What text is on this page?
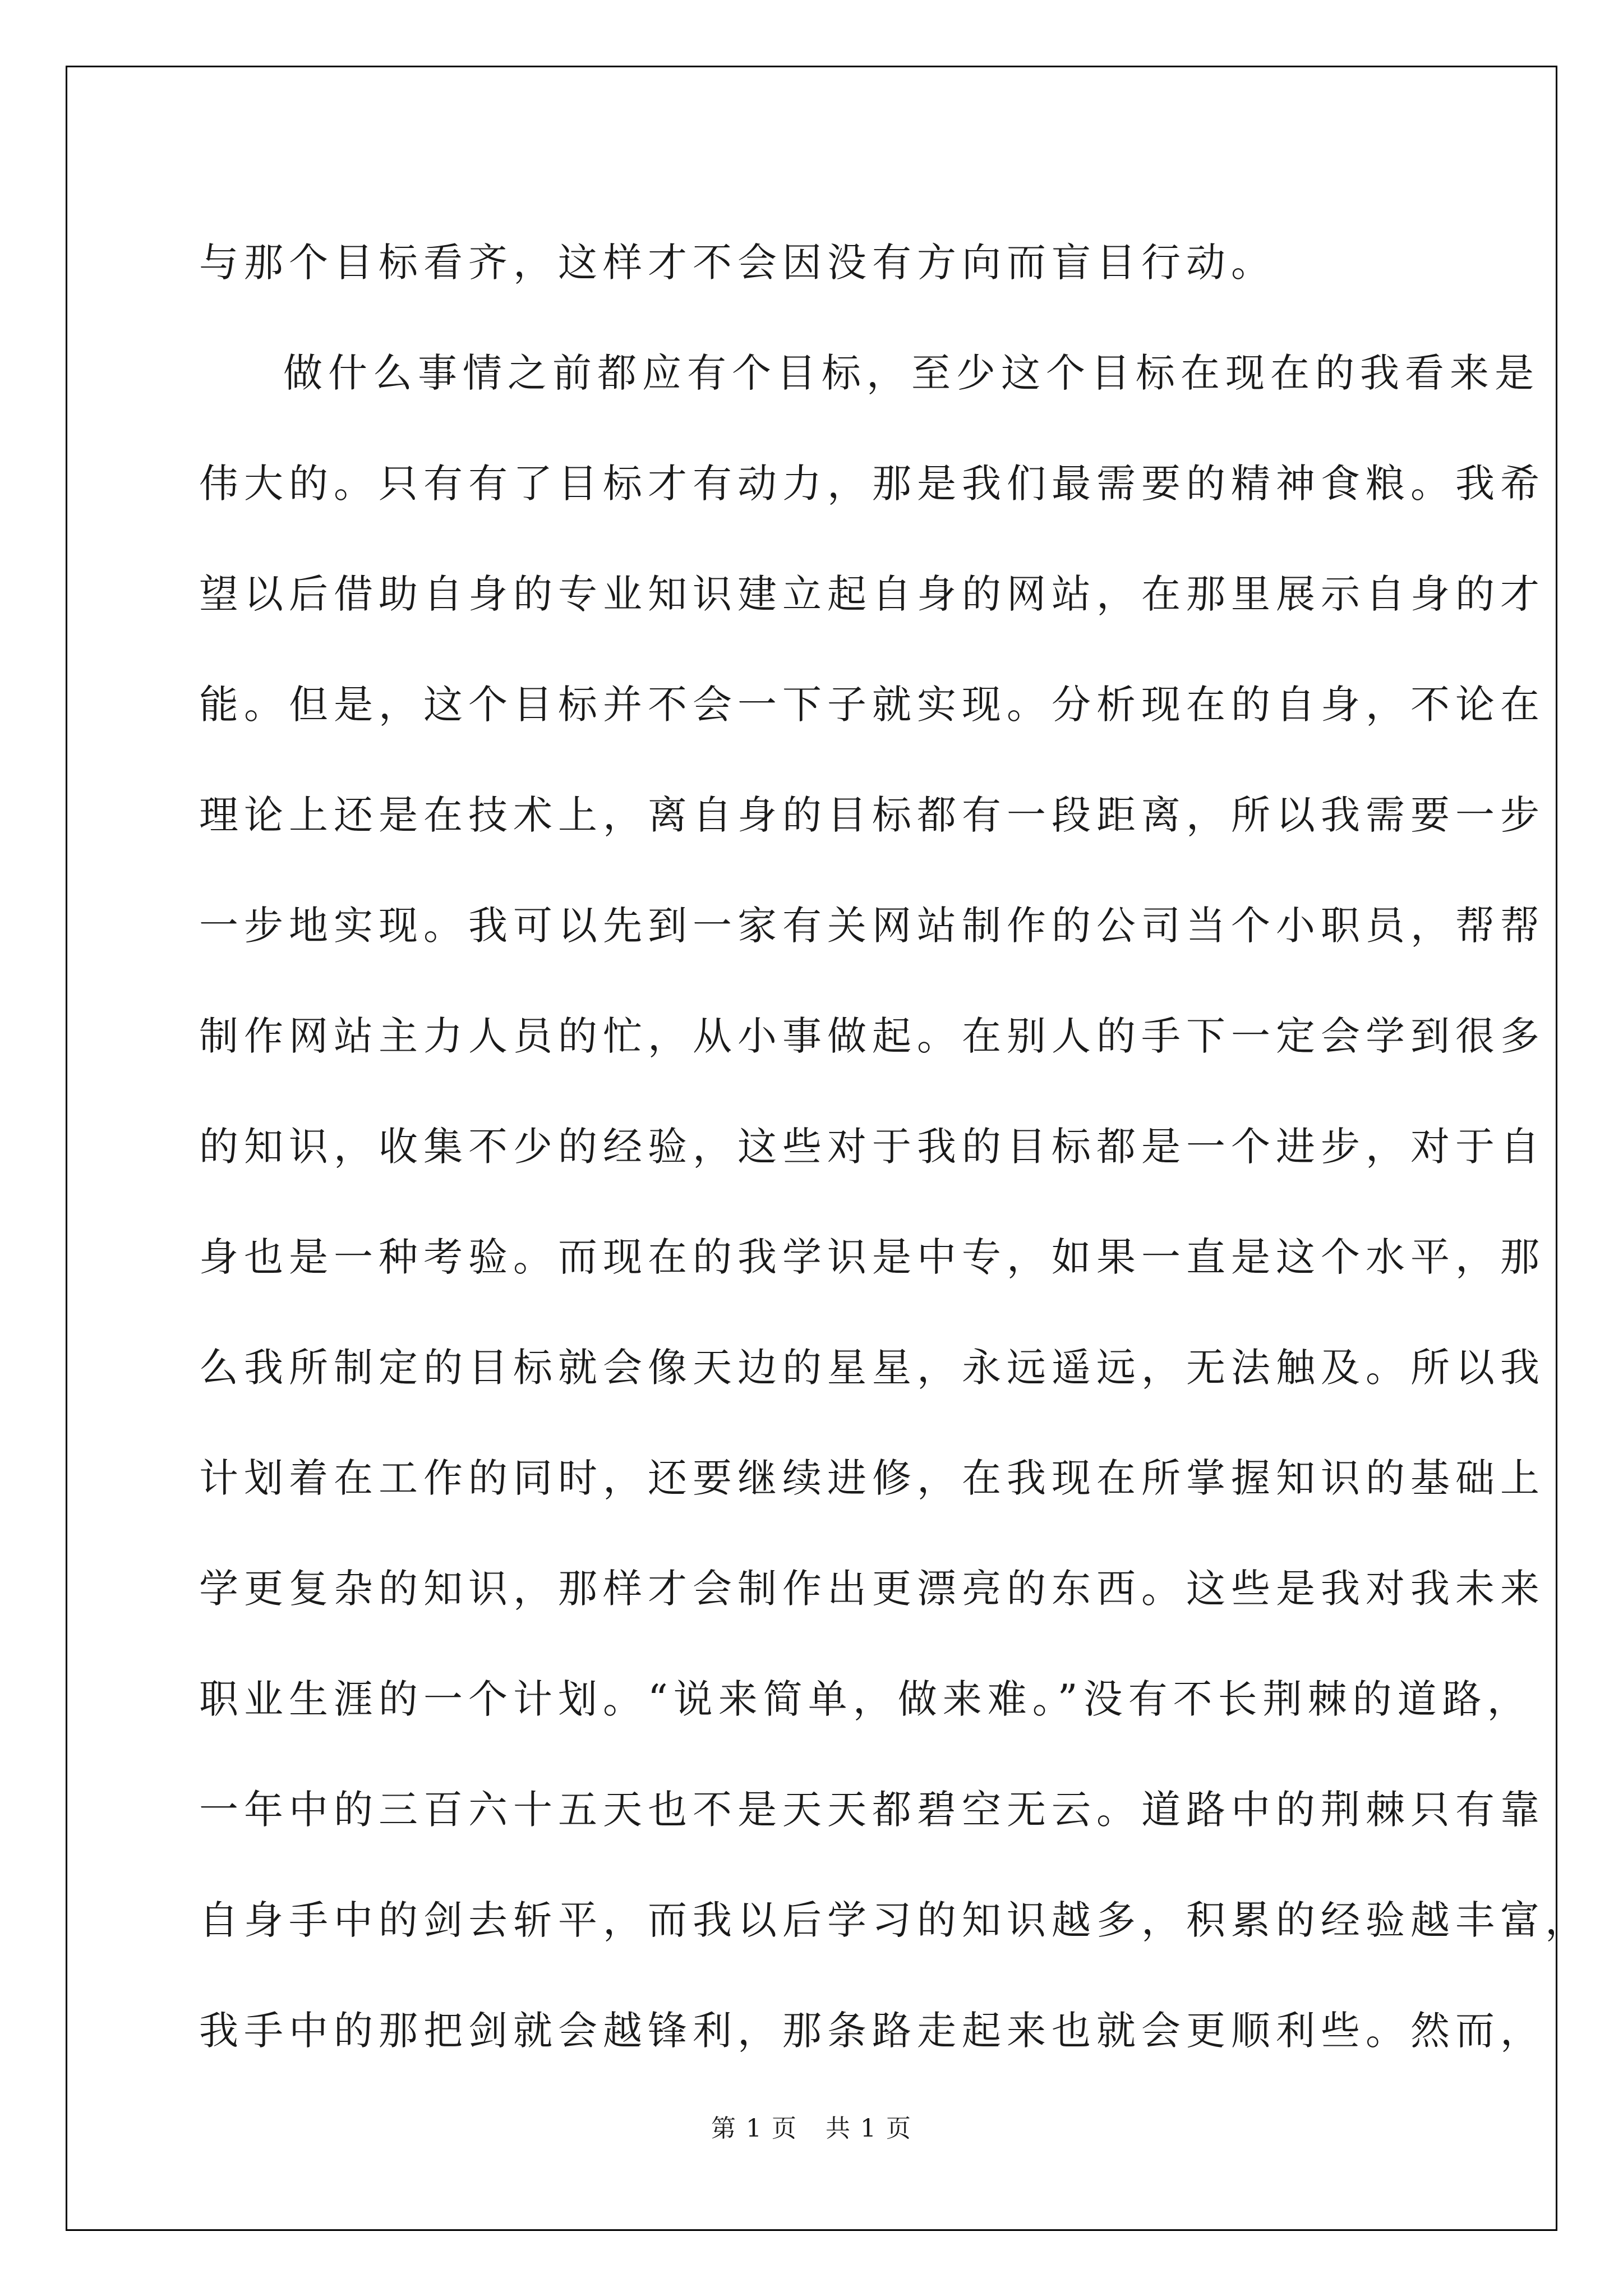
与那个目标看齐，这样才不会因没有方向而盲目行动。
做什么事情之前都应有个目标，至少这个目标在现在的我看来是
伟大的。只有有了目标才有动力，那是我们最需要的精神食粮。我希
望以后借助自身的专业知识建立起自身的网站，在那里展示自身的才
能。但是，这个目标并不会一下子就实现。分析现在的自身，不论在
理论上还是在技术上，离自身的目标都有一段距离，所以我需要一步
一步地实现。我可以先到一家有关网站制作的公司当个小职员，帮帮
制作网站主力人员的忙，从小事做起。在别人的手下一定会学到很多
的知识，收集不少的经验，这些对于我的目标都是一个进步，对于自
身也是一种考验。而现在的我学识是中专，如果一直是这个水平，那
么我所制定的目标就会像天边的星星，永远遥远，无法触及。所以我
计划着在工作的同时，还要继续进修，在我现在所掌握知识的基础上
学更复杂的知识，那样才会制作出更漂亮的东西。这些是我对我未来
职业生涯的一个计划。“说来简单，做来难。”没有不长荆棘的道路，
一年中的三百六十五天也不是天天都碧空无云。道路中的荆棘只有靠
自身手中的剑去斩平，而我以后学习的知识越多，积累的经验越丰富，
我手中的那把剑就会越锋利，那条路走起来也就会更顺利些。然而，
第 1 页 共 1 页
